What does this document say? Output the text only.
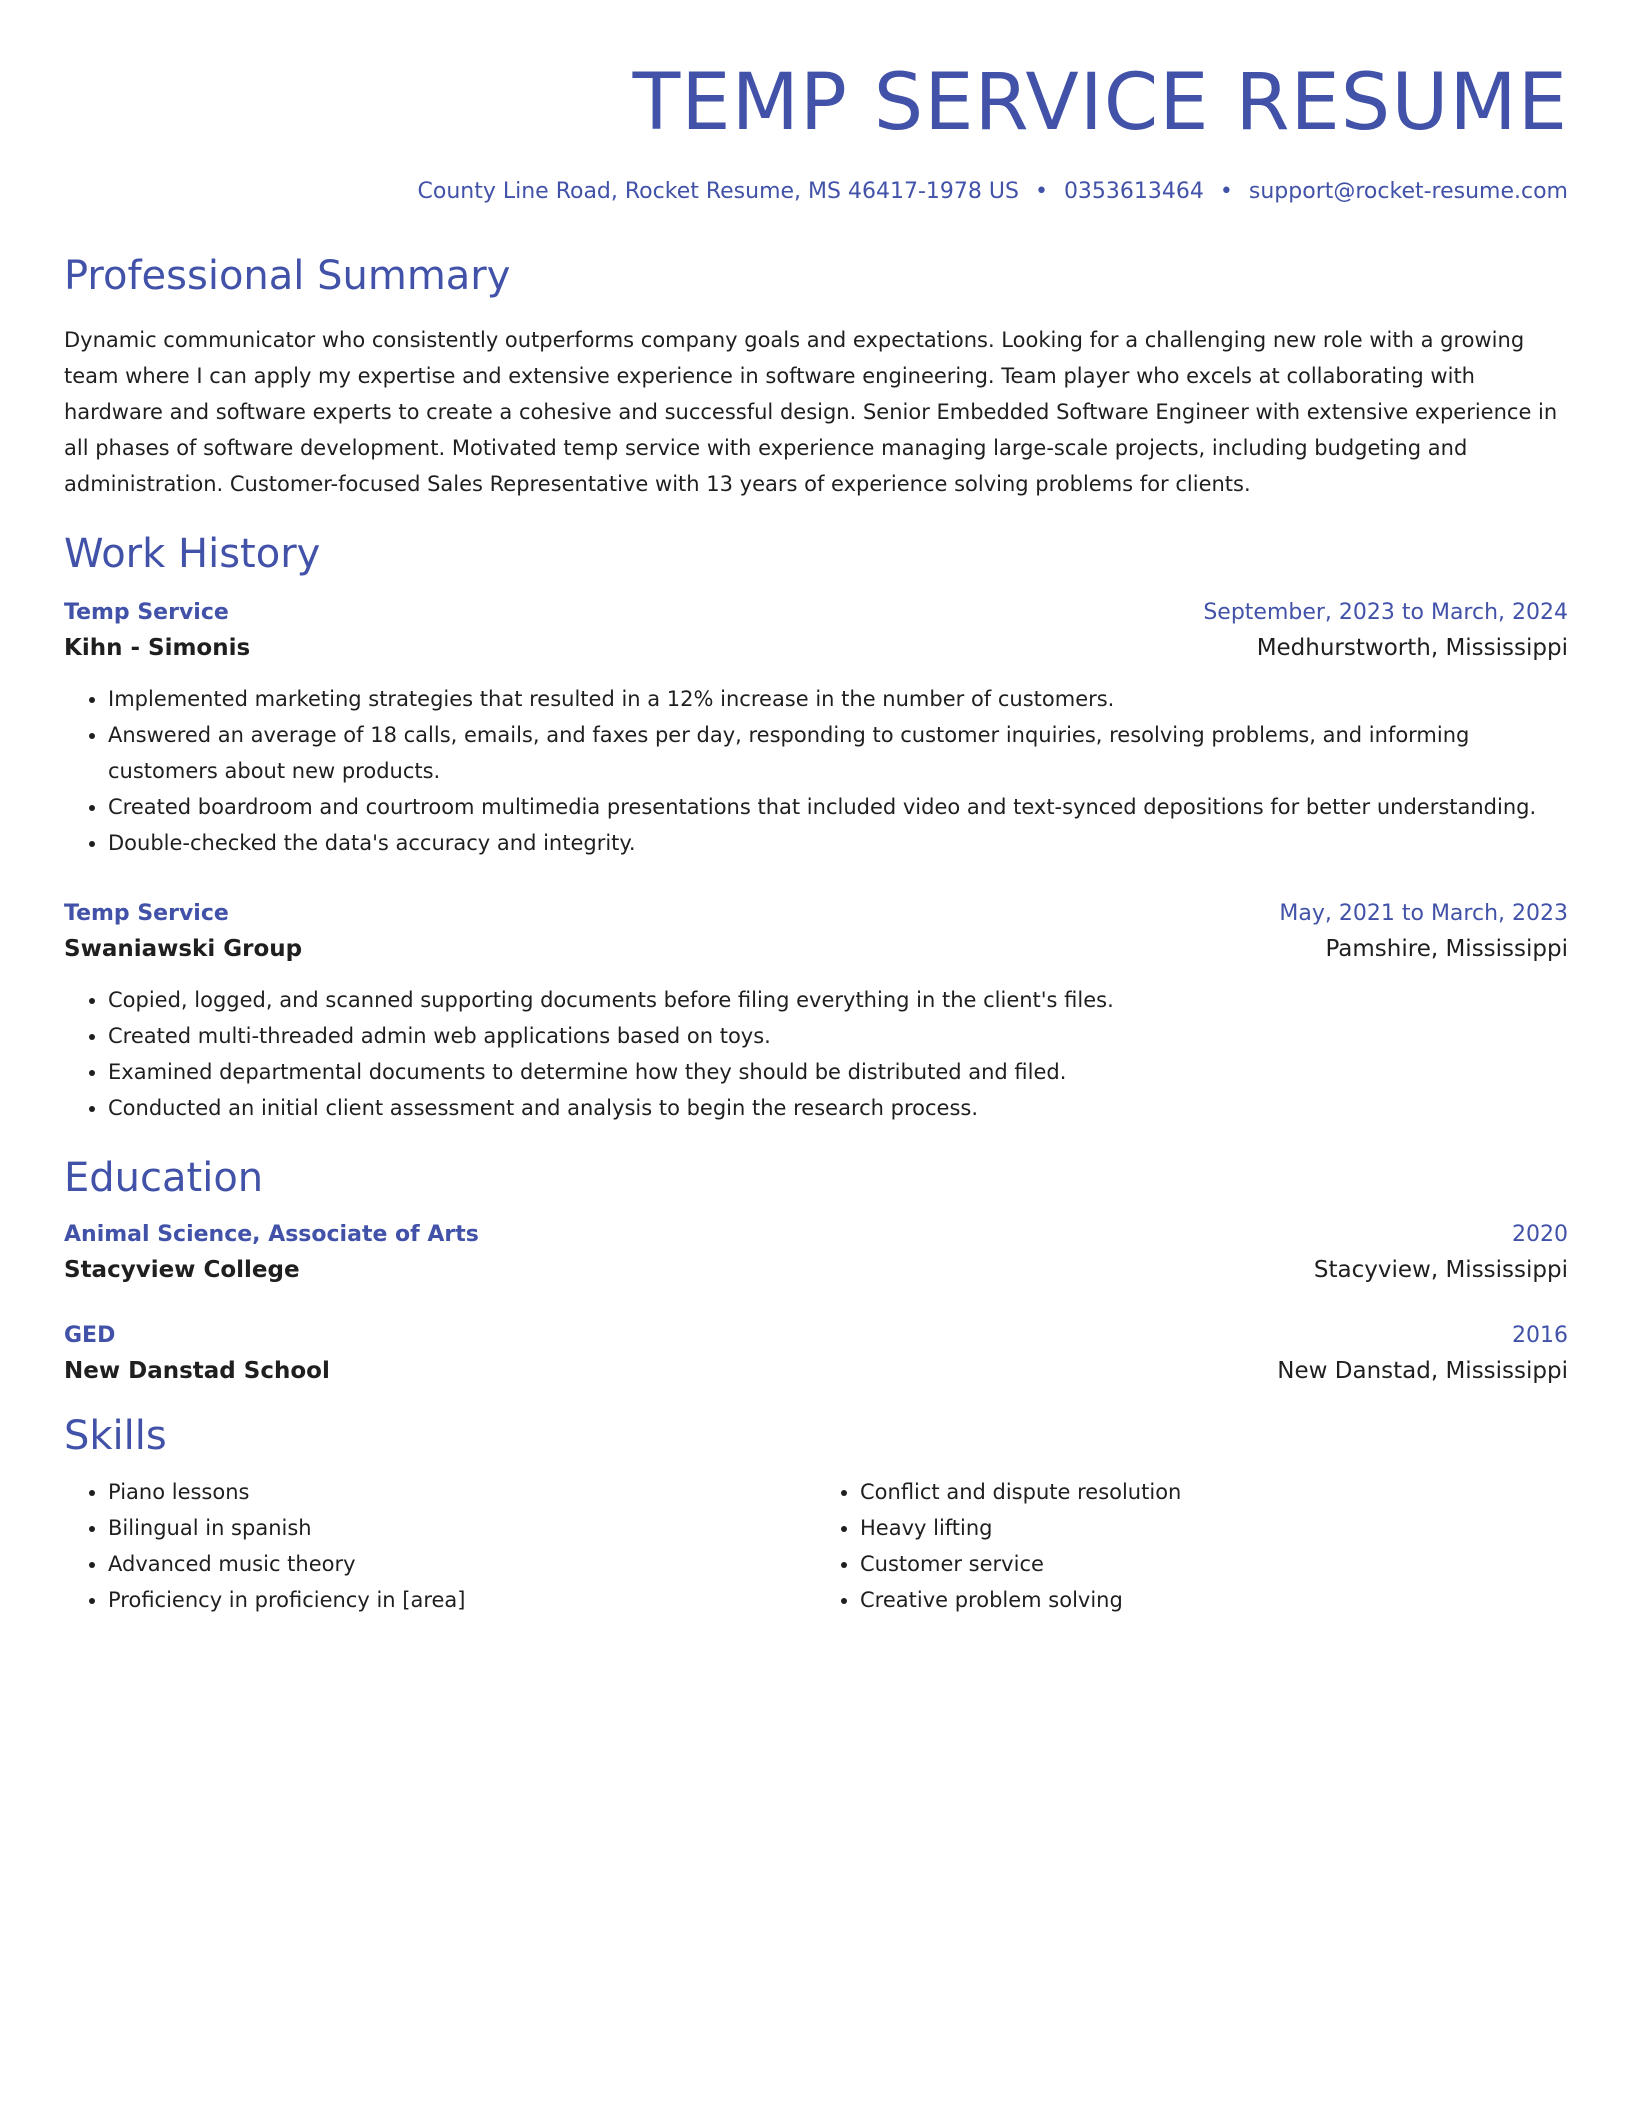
TEMP SERVICE RESUME
County Line Road, Rocket Resume, MS 46417-1978 US • 0353613464 • support@rocket-resume.com
Professional Summary

Dynamic communicator who consistently outperforms company goals and expectations. Looking for a challenging new role with a growing team where I can apply my expertise and extensive experience in software engineering. Team player who excels at collaborating with hardware and software experts to create a cohesive and successful design. Senior Embedded Software Engineer with extensive experience in all phases of software development. Motivated temp service with experience managing large-scale projects, including budgeting and administration. Customer-focused Sales Representative with 13 years of experience solving problems for clients.

Work History
Temp Service	September, 2023 to March, 2024
Kihn - Simonis	Medhurstworth, Mississippi
• Implemented marketing strategies that resulted in a 12% increase in the number of customers.
• Answered an average of 18 calls, emails, and faxes per day, responding to customer inquiries, resolving problems, and informing customers about new products.
• Created boardroom and courtroom multimedia presentations that included video and text-synced depositions for better understanding.
• Double-checked the data's accuracy and integrity.
Temp Service	May, 2021 to March, 2023
Swaniawski Group	Pamshire, Mississippi
• Copied, logged, and scanned supporting documents before filing everything in the client's files.
• Created multi-threaded admin web applications based on toys.
• Examined departmental documents to determine how they should be distributed and filed.
• Conducted an initial client assessment and analysis to begin the research process.
Education
Animal Science, Associate of Arts	2020
Stacyview College	Stacyview, Mississippi
GED	2016
New Danstad School	New Danstad, Mississippi
Skills
• Piano lessons
• Bilingual in spanish
• Advanced music theory
• Proficiency in proficiency in [area]
• Conflict and dispute resolution
• Heavy lifting
• Customer service
• Creative problem solving
